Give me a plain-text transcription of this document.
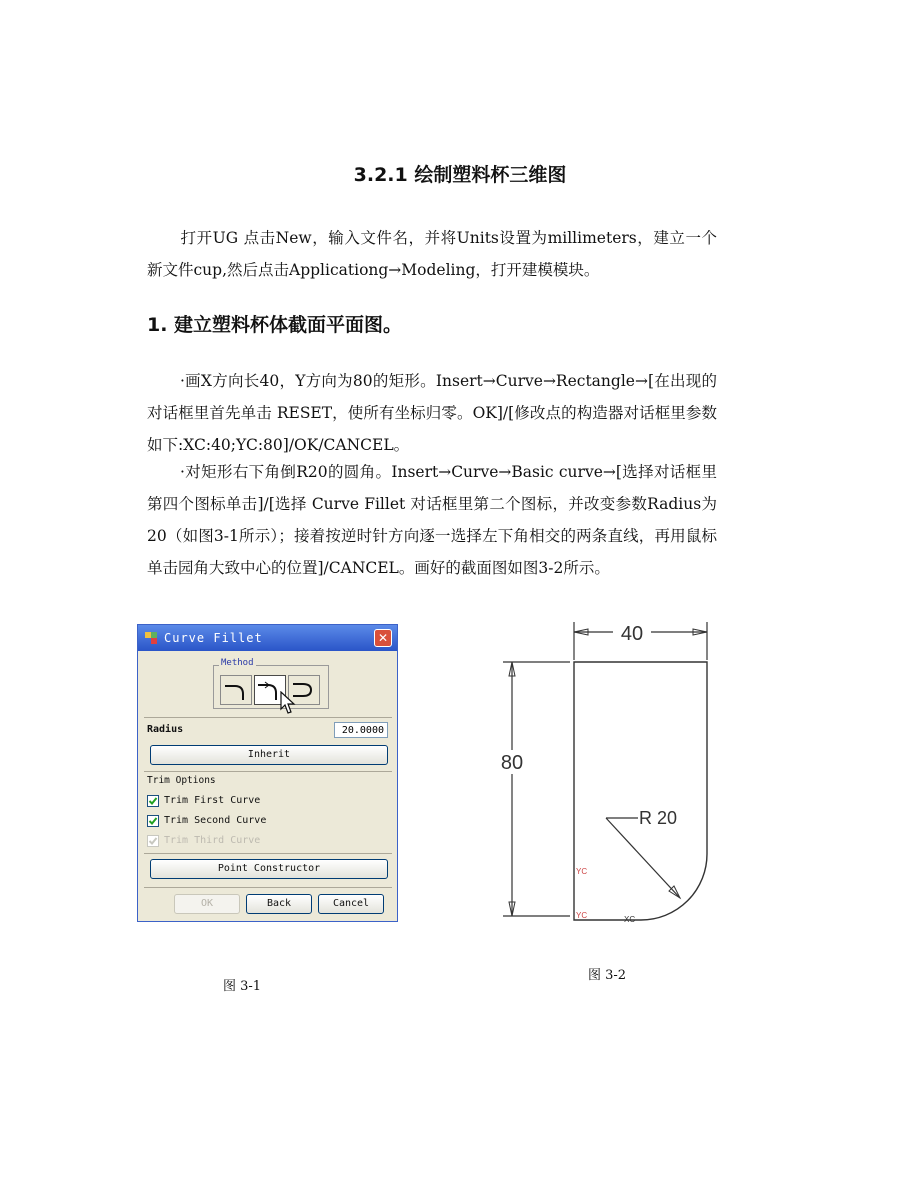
3.2.1 绘制塑料杯三维图
打开UG 点击New，输入文件名，并将Units设置为millimeters，建立一个新文件cup,然后点击Applicationg→Modeling，打开建模模块。
1. 建立塑料杯体截面平面图。
·画X方向长40，Y方向为80的矩形。Insert→Curve→Rectangle→[在出现的对话框里首先单击 RESET，使所有坐标归零。OK]/[修改点的构造器对话框里参数如下:XC:40;YC:80]/OK/CANCEL。
·对矩形右下角倒R20的圆角。Insert→Curve→Basic curve→[选择对话框里第四个图标单击]/[选择 Curve Fillet 对话框里第二个图标，并改变参数Radius为20（如图3-1所示）；接着按逆时针方向逐一选择左下角相交的两条直线，再用鼠标单击园角大致中心的位置]/CANCEL。画好的截面图如图3-2所示。
Curve Fillet	✕
Method
Radius
20.0000
Inherit
Trim Options
Trim First Curve
Trim Second Curve
Trim Third Curve
Point Constructor
OK	Back	Cancel
40
80
R 20
YC
YC	XC
图 3-1
图 3-2
